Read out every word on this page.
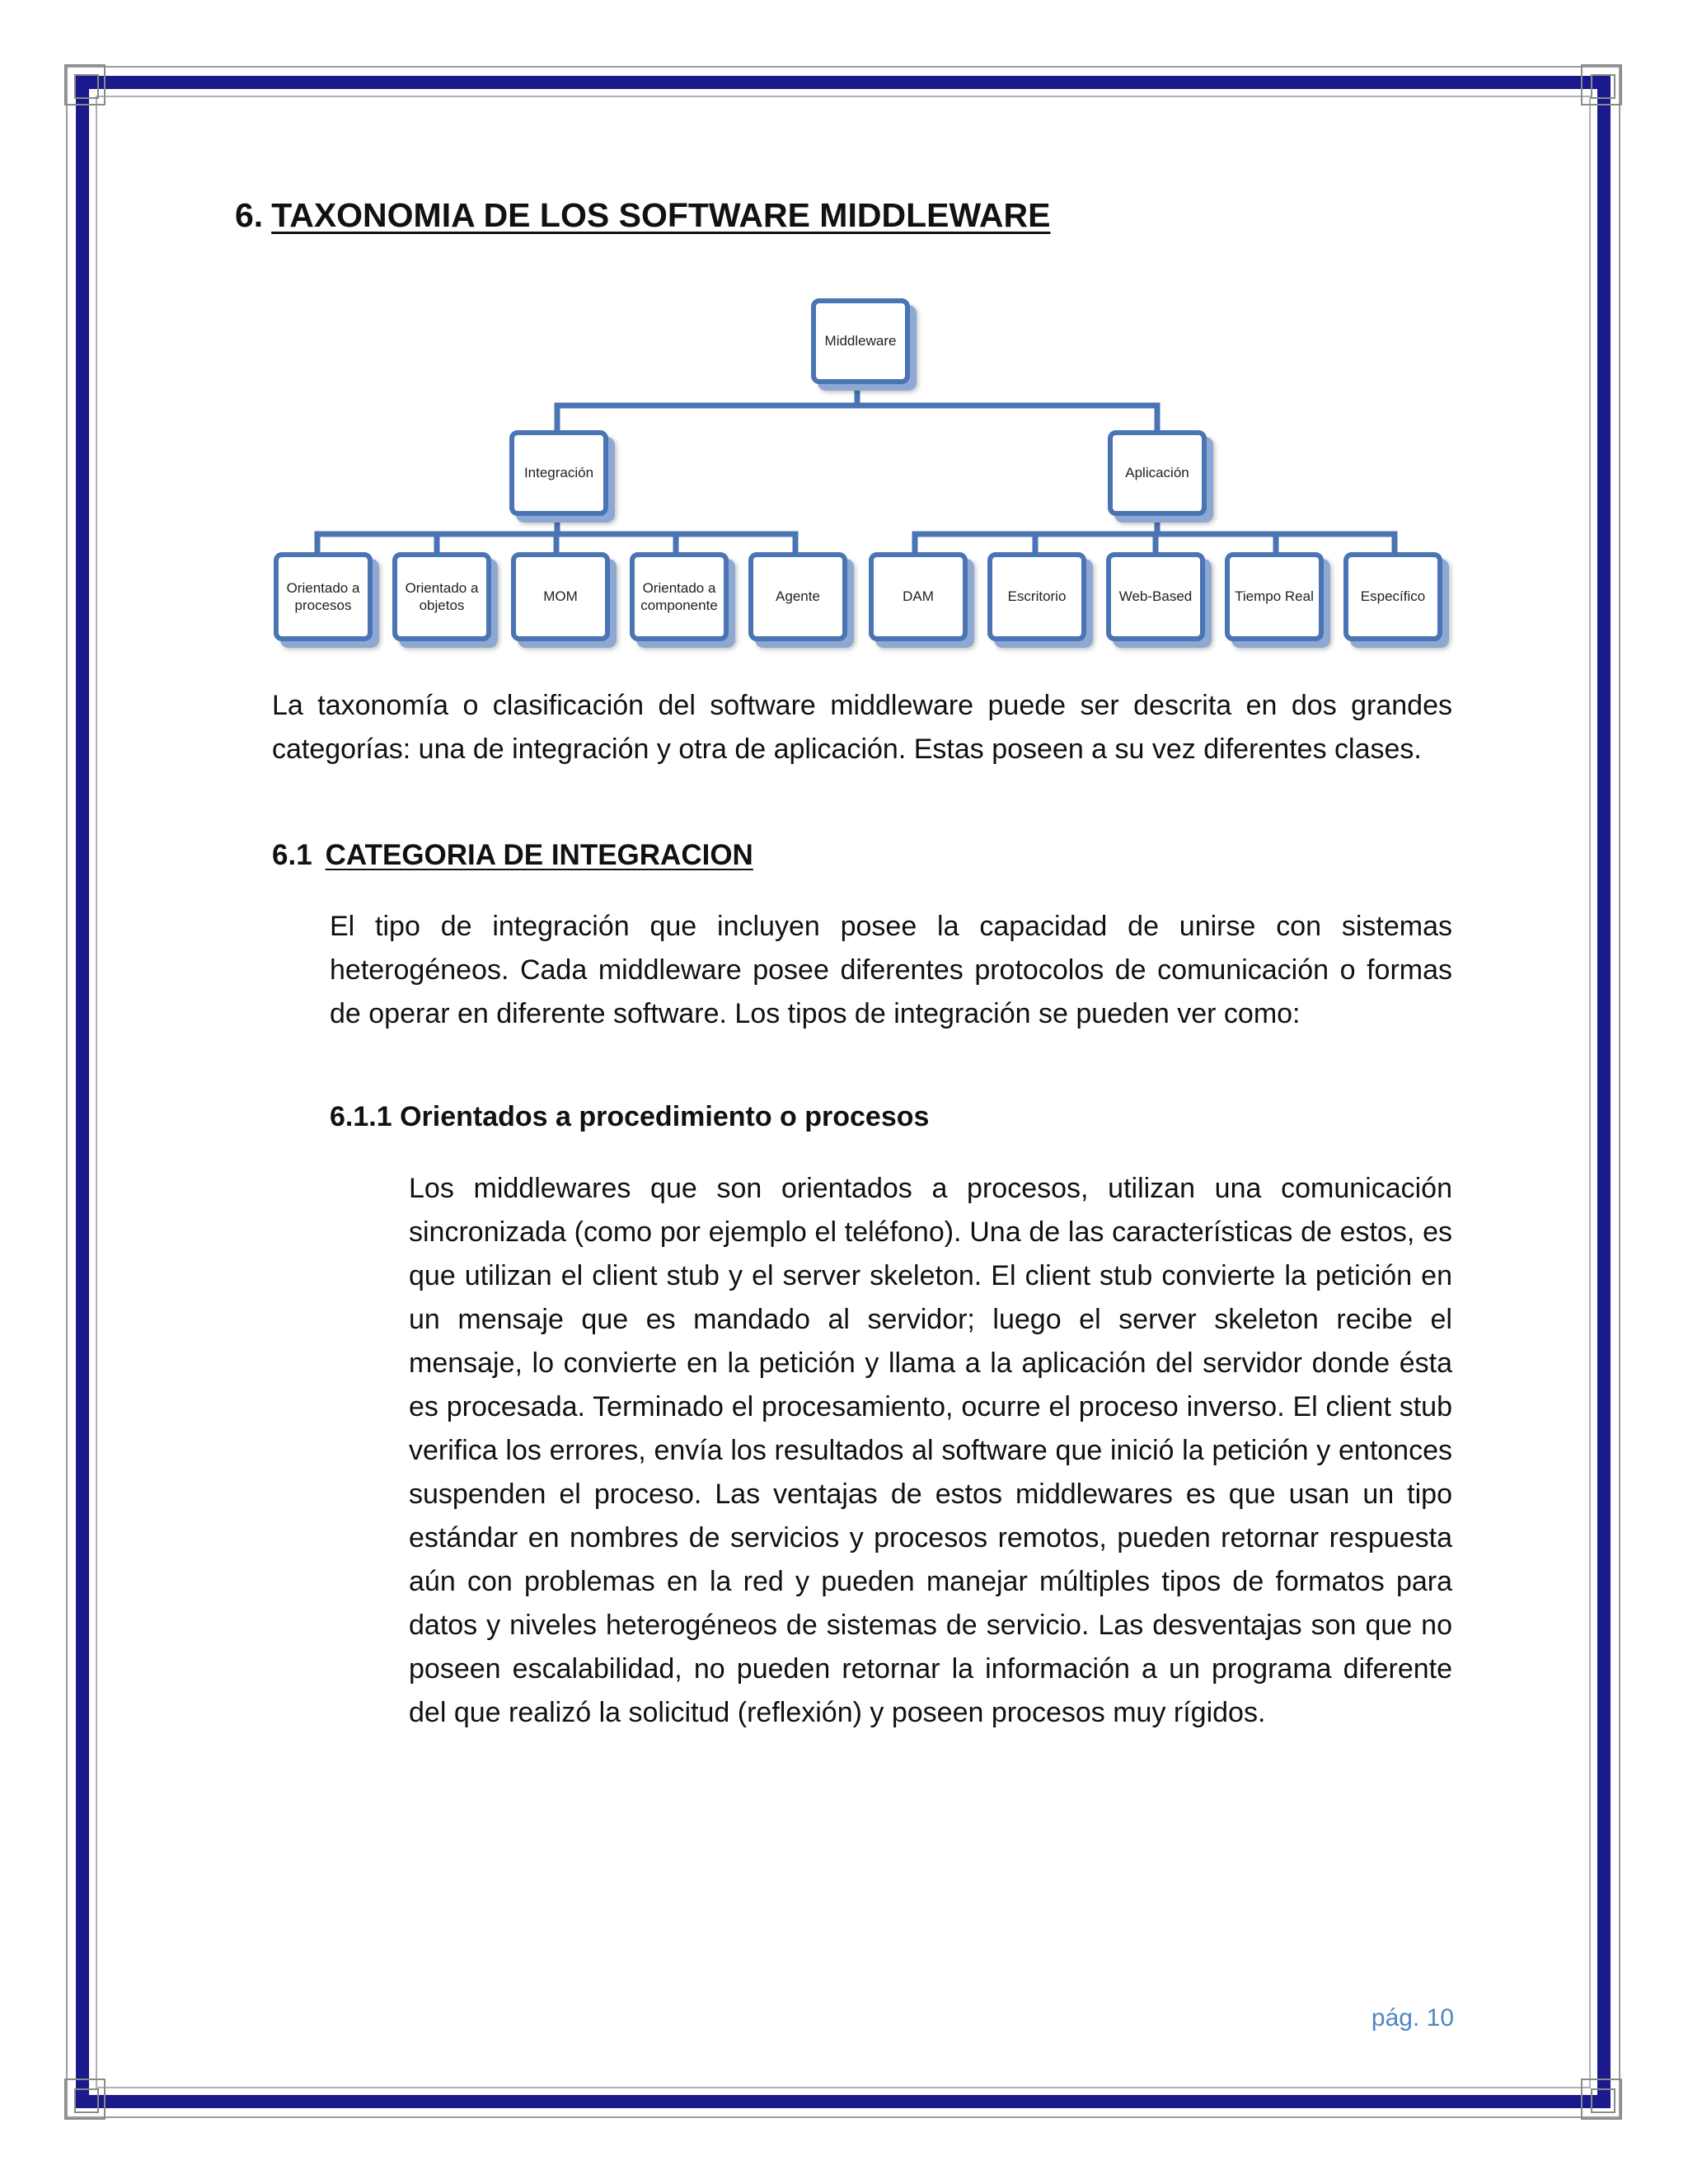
6. TAXONOMIA DE LOS SOFTWARE MIDDLEWARE
Middleware
Integración	Aplicación
Orientado a procesos
Orientado a objetos
MOM
Orientado a componente
Agente	DAM	Escritorio	Web-Based	Tiempo Real	Específico
La taxonomía o clasificación del software middleware puede ser descrita en dos grandes categorías: una de integración y otra de aplicación. Estas poseen a su vez diferentes clases.
6.1 CATEGORIA DE INTEGRACION
El tipo de integración que incluyen posee la capacidad de unirse con sistemas heterogéneos. Cada middleware posee diferentes protocolos de comunicación o formas de operar en diferente software. Los tipos de integración se pueden ver como:
6.1.1 Orientados a procedimiento o procesos
Los middlewares que son orientados a procesos, utilizan una comunicación sincronizada (como por ejemplo el teléfono). Una de las características de estos, es que utilizan el client stub y el server skeleton. El client stub convierte la petición en un mensaje que es mandado al servidor; luego el server skeleton recibe el mensaje, lo convierte en la petición y llama a la aplicación del servidor donde ésta es procesada. Terminado el procesamiento, ocurre el proceso inverso. El client stub verifica los errores, envía los resultados al software que inició la petición y entonces suspenden el proceso. Las ventajas de estos middlewares es que usan un tipo estándar en nombres de servicios y procesos remotos, pueden retornar respuesta aún con problemas en la red y pueden manejar múltiples tipos de formatos para datos y niveles heterogéneos de sistemas de servicio. Las desventajas son que no poseen escalabilidad, no pueden retornar la información a un programa diferente del que realizó la solicitud (reflexión) y poseen procesos muy rígidos.
pág. 10
